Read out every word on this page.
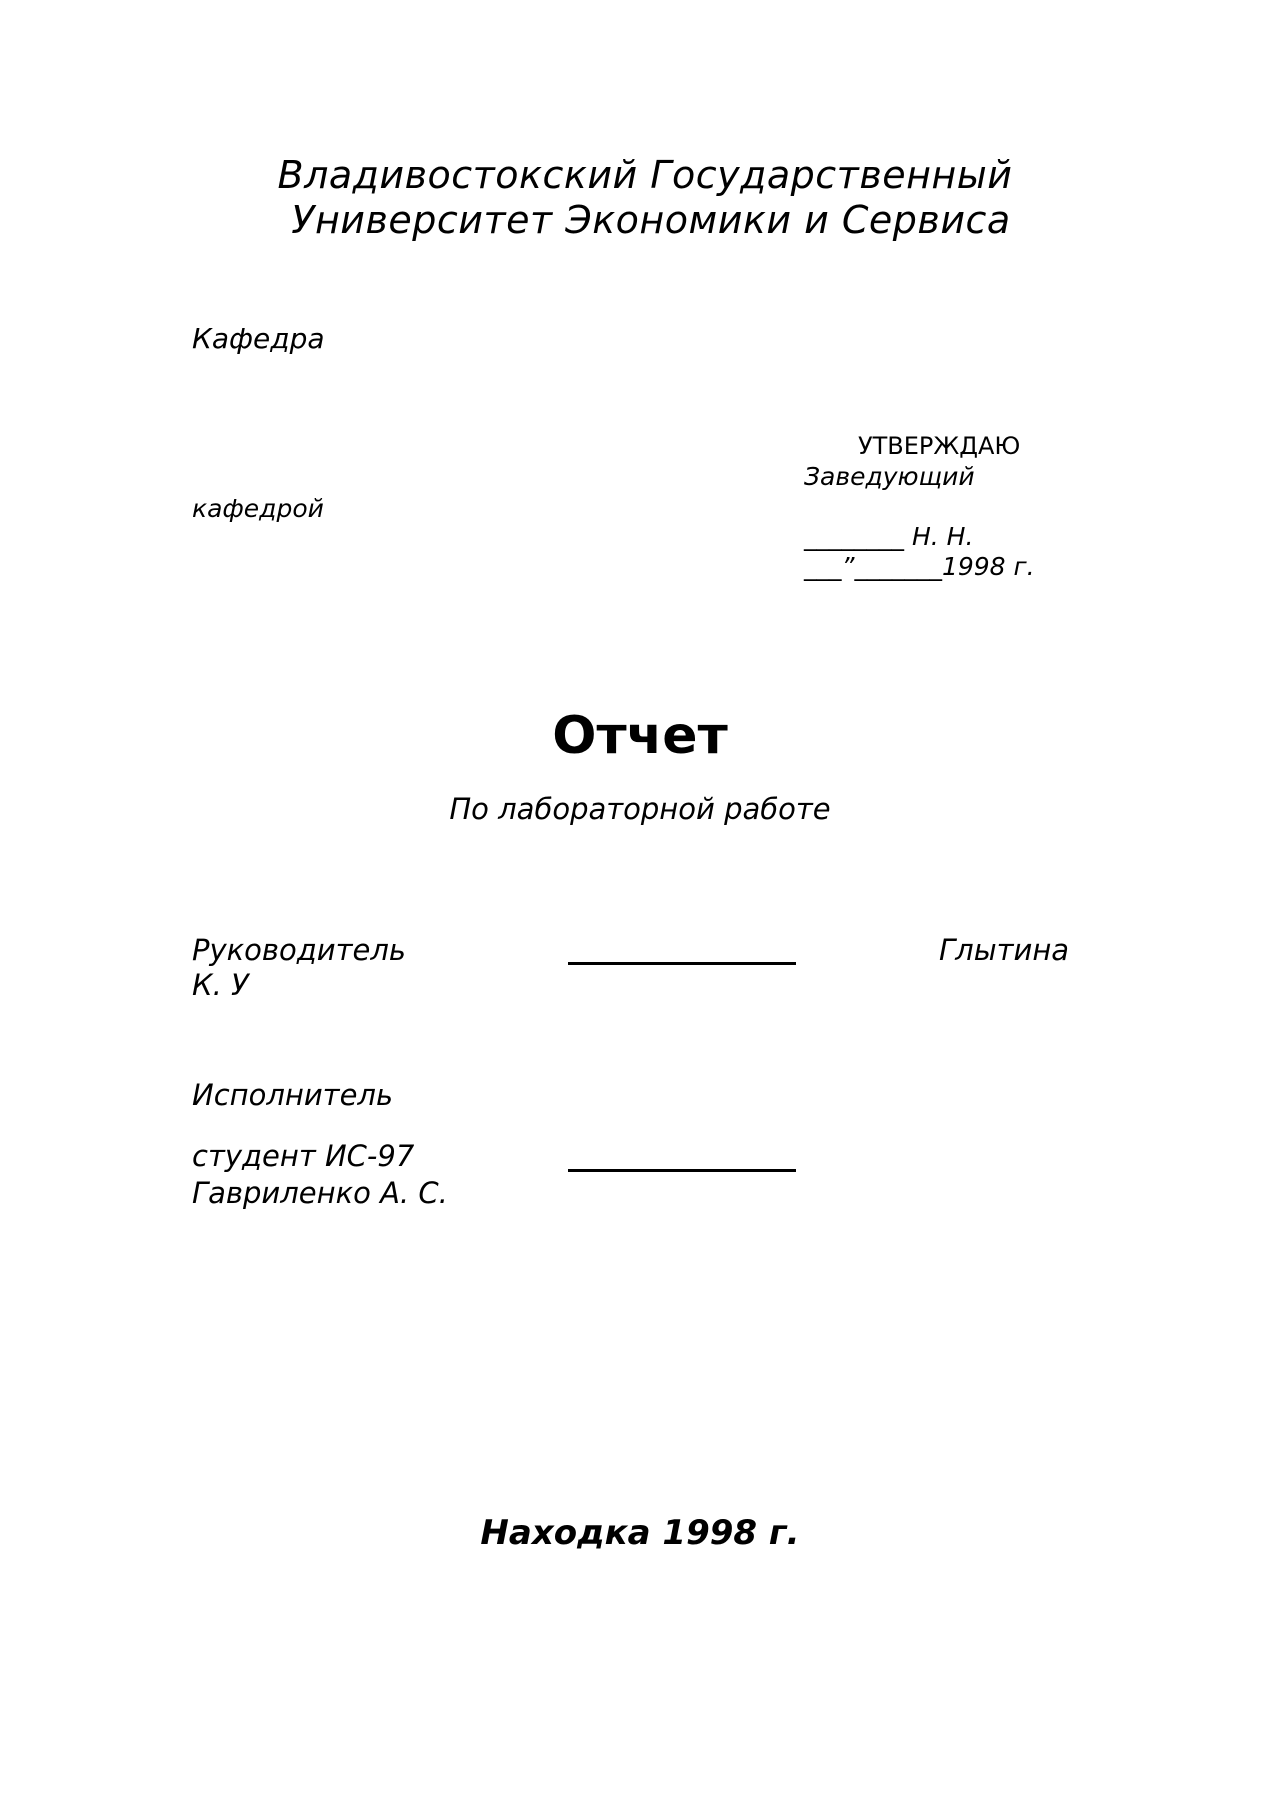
Владивостокский Государственный
Университет Экономики и Сервиса
Кафедра
кафедрой
УТВЕРЖДАЮ
Заведующий
________ Н. Н.
___”_______1998 г.
Отчет
По лабораторной работе
Руководитель	Глытина
К. У
Исполнитель
студент ИС-97
Гавриленко А. С.
Находка 1998 г.
